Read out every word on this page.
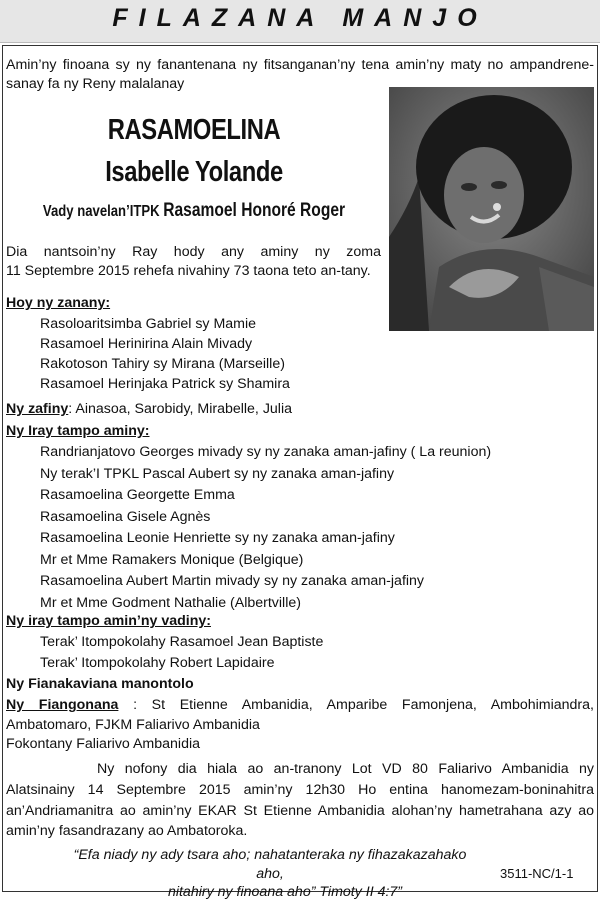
FILAZANA MANJO
Amin’ny finoana sy ny fanantenana ny fitsanganan’ny tena amin’ny maty no ampandrene-
sanay fa ny Reny malalanay
RASAMOELINA
Isabelle Yolande
Vady navelan’ITPK Rasamoel Honoré Roger
Dia nantsoin’ny Ray hody any aminy ny zoma
11 Septembre 2015 rehefa nivahiny 73 taona teto an-tany.
Hoy ny zanany:
Rasoloaritsimba Gabriel sy Mamie
Rasamoel Herinirina Alain Mivady
Rakotoson Tahiry sy Mirana (Marseille)
Rasamoel Herinjaka Patrick sy Shamira
Ny zafiny: Ainasoa, Sarobidy, Mirabelle, Julia
Ny Iray tampo aminy:
Randrianjatovo Georges mivady sy ny zanaka aman-jafiny ( La reunion)
Ny terak’I TPKL Pascal Aubert sy ny zanaka aman-jafiny
Rasamoelina Georgette Emma
Rasamoelina Gisele Agnès
Rasamoelina Leonie Henriette sy ny zanaka aman-jafiny
Mr et Mme Ramakers Monique (Belgique)
Rasamoelina Aubert Martin mivady sy ny zanaka aman-jafiny
Mr et Mme Godment Nathalie (Albertville)
Ny iray tampo amin’ny vadiny:
Terak’ Itompokolahy Rasamoel Jean Baptiste
Terak’ Itompokolahy Robert Lapidaire
Ny Fianakaviana manontolo
Ny Fiangonana : St Etienne Ambanidia, Amparibe Famonjena, Ambohimiandra,
Ambatomaro, FJKM Faliarivo Ambanidia
Fokontany Faliarivo Ambanidia
Ny nofony dia hiala ao an-tranony Lot VD 80 Faliarivo Ambanidia ny
Alatsinainy 14 Septembre 2015 amin’ny 12h30 Ho entina hanomezam-boninahitra
an’Andriamanitra ao amin’ny EKAR St Etienne Ambanidia alohan’ny hametrahana azy ao
amin’ny fasandrazany ao Ambatoroka.
“Efa niady ny ady tsara aho; nahatanteraka ny fihazakazahako aho,
nitahiry ny finoana aho” Timoty II 4:7”
3511-NC/1-1
